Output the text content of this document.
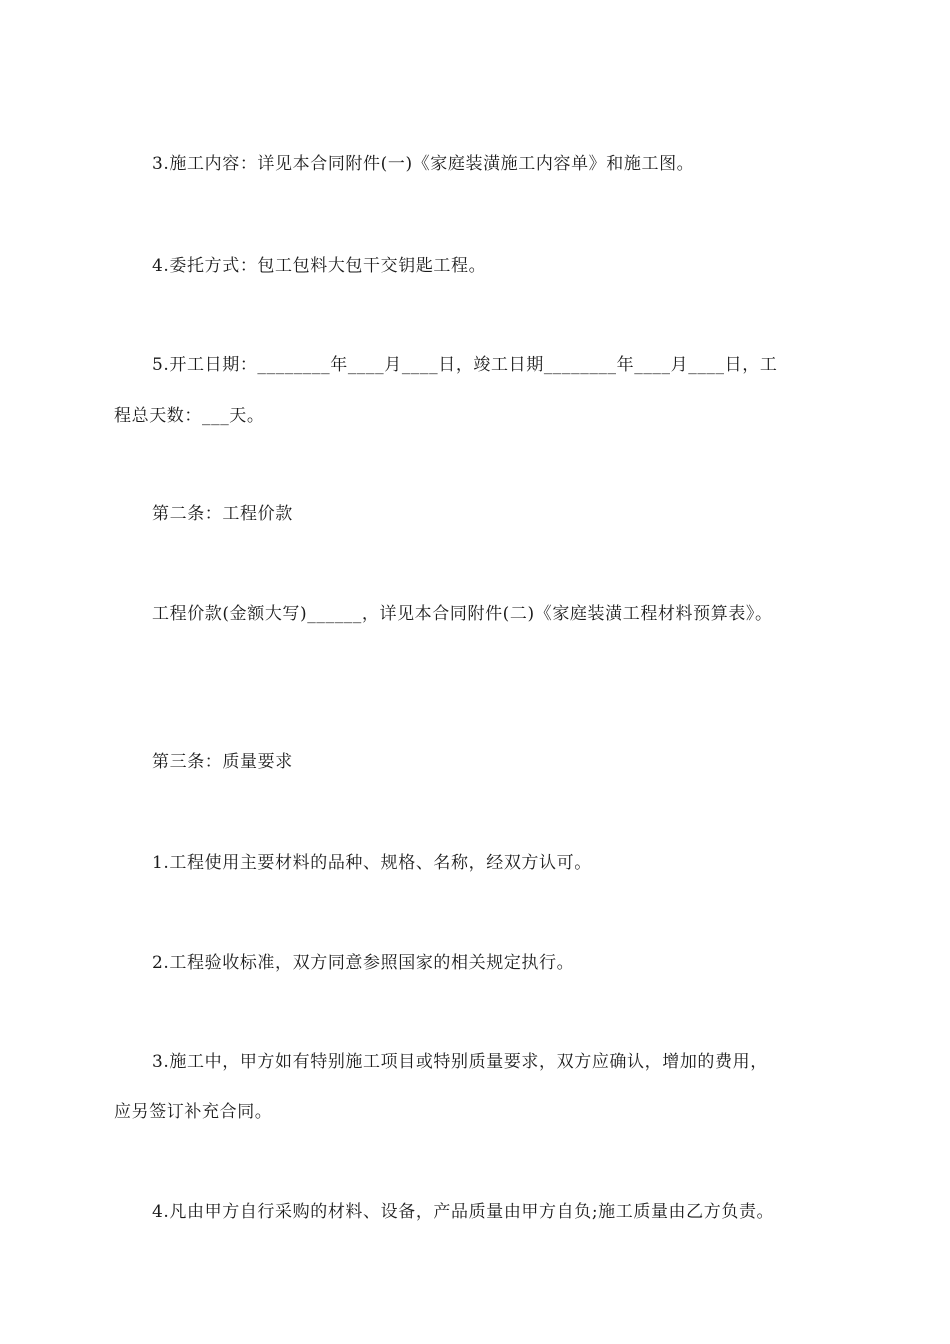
3.施工内容：详见本合同附件(一)《家庭装潢施工内容单》和施工图。
4.委托方式：包工包料大包干交钥匙工程。
5.开工日期：________年____月____日，竣工日期________年____月____日，工
程总天数：___天。
第二条：工程价款
工程价款(金额大写)______，详见本合同附件(二)《家庭装潢工程材料预算表》。
第三条：质量要求
1.工程使用主要材料的品种、规格、名称，经双方认可。
2.工程验收标准，双方同意参照国家的相关规定执行。
3.施工中，甲方如有特别施工项目或特别质量要求，双方应确认，增加的费用，
应另签订补充合同。
4.凡由甲方自行采购的材料、设备，产品质量由甲方自负;施工质量由乙方负责。
